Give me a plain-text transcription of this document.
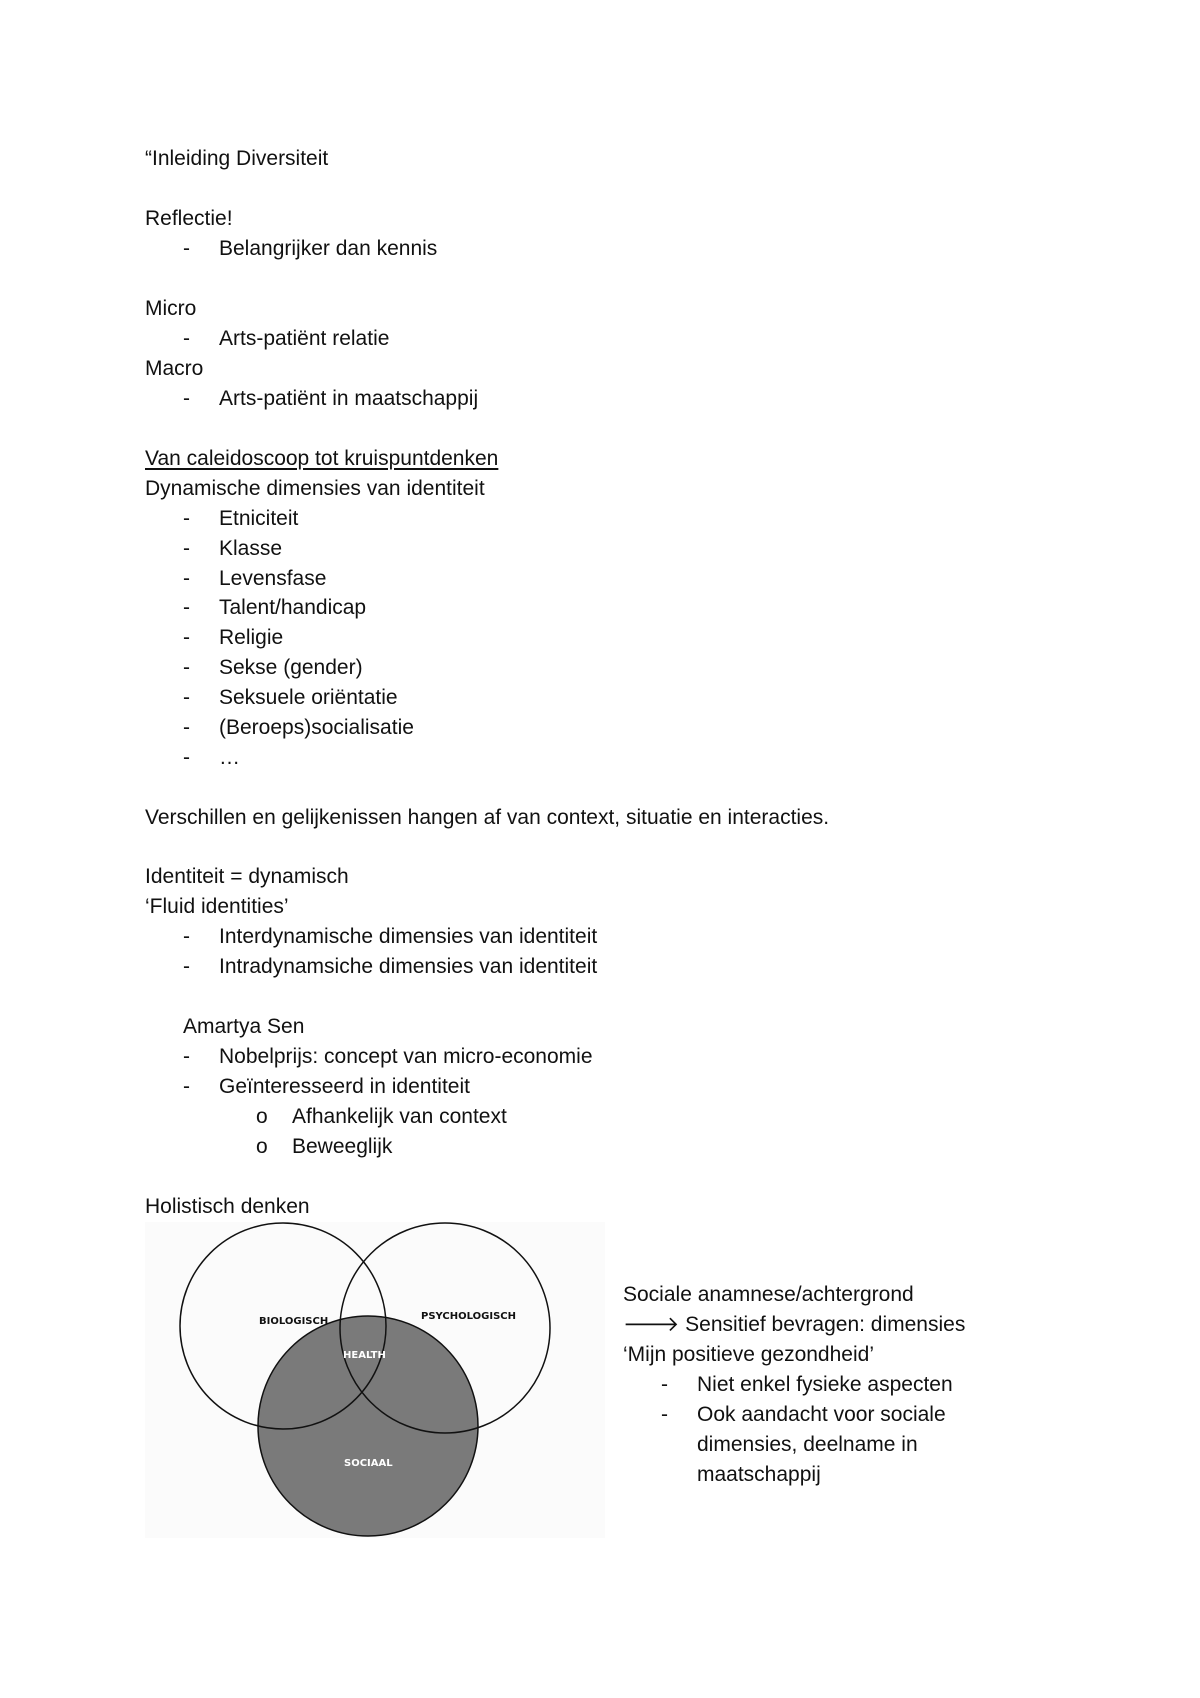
“Inleiding Diversiteit
Reflectie!
- Belangrijker dan kennis
Micro
- Arts-patiënt relatie
Macro
- Arts-patiënt in maatschappij
Van caleidoscoop tot kruispuntdenken
Dynamische dimensies van identiteit
- Etniciteit
- Klasse
- Levensfase
- Talent/handicap
- Religie
- Sekse (gender)
- Seksuele oriëntatie
- (Beroeps)socialisatie
- …
Verschillen en gelijkenissen hangen af van context, situatie en interacties.
Identiteit = dynamisch
‘Fluid identities’
- Interdynamische dimensies van identiteit
- Intradynamsiche dimensies van identiteit
Amartya Sen
- Nobelprijs: concept van micro-economie
- Geïnteresseerd in identiteit
o Afhankelijk van context
o Beweeglijk
Holistisch denken
BIOLOGISCH	PSYCHOLOGISCH
HEALTH
SOCIAAL
Sociale anamnese/achtergrond
🡒 Sensitief bevragen: dimensies
‘Mijn positieve gezondheid’
- Niet enkel fysieke aspecten
- Ook aandacht voor sociale
dimensies, deelname in
maatschappij
